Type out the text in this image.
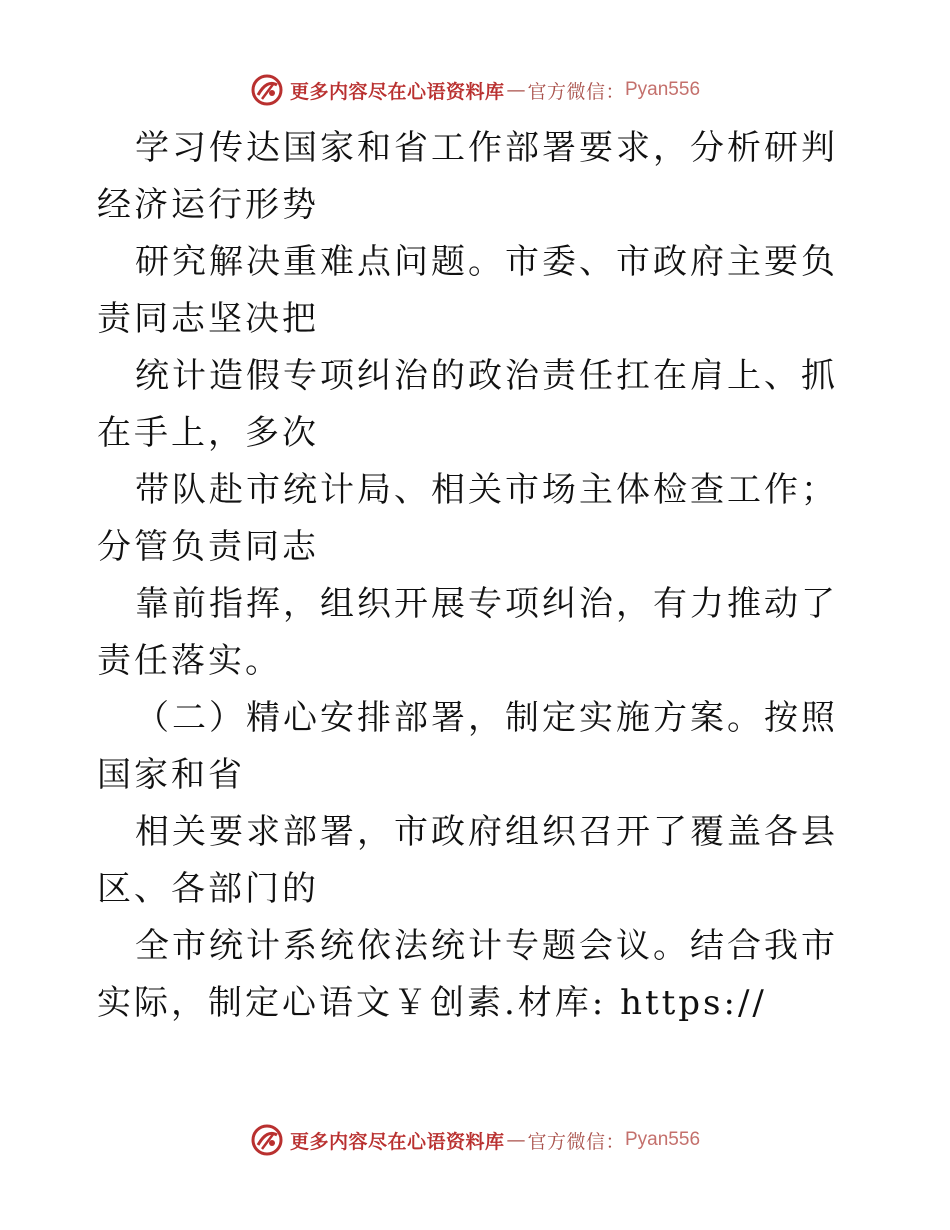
更多内容尽在心语资料库 — 官方微信： Pyan556

学习传达国家和省工作部署要求，分析研判经济运行形势

研究解决重难点问题。市委、市政府主要负责同志坚决把

统计造假专项纠治的政治责任扛在肩上、抓在手上，多次

带队赴市统计局、相关市场主体检查工作；分管负责同志

靠前指挥，组织开展专项纠治，有力推动了责任落实。

（二）精心安排部署，制定实施方案。按照国家和省

相关要求部署，市政府组织召开了覆盖各县区、各部门的

全市统计系统依法统计专题会议。结合我市实际，制定心语文￥创素.材库: https://

更多内容尽在心语资料库 — 官方微信： Pyan556
